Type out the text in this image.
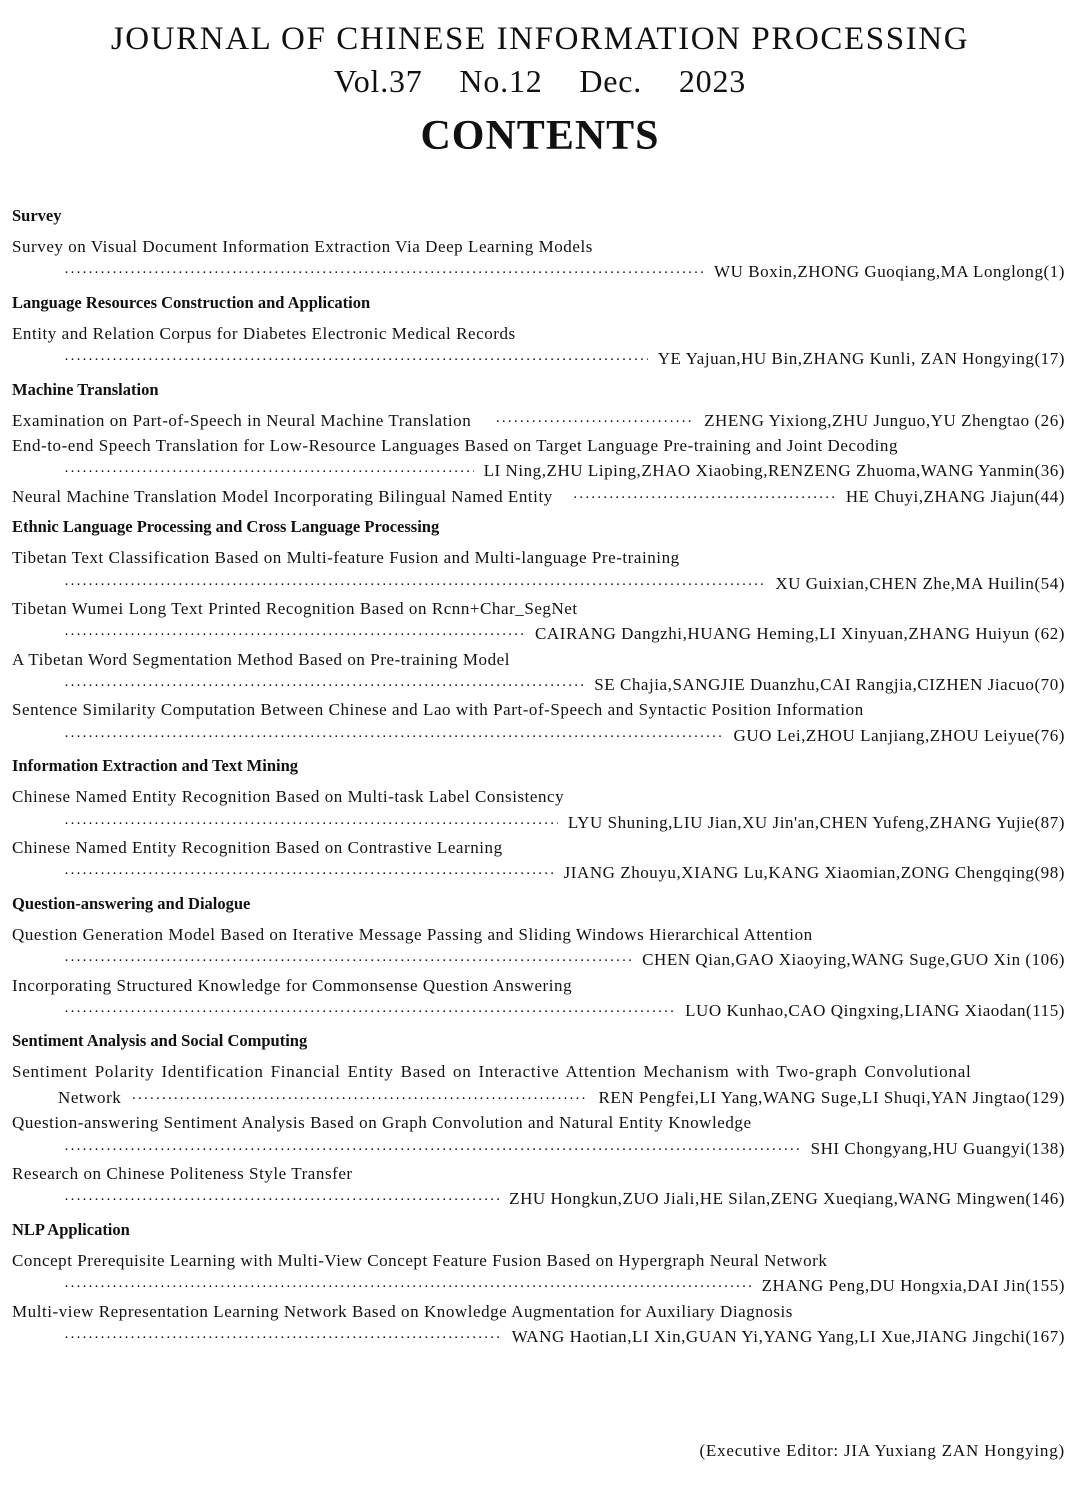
JOURNAL OF CHINESE INFORMATION PROCESSING
Vol.37 No.12 Dec. 2023
CONTENTS
Survey
Survey on Visual Document Information Extraction Via Deep Learning Models
·····
WU Boxin,ZHONG Guoqiang,MA Longlong(1)
Language Resources Construction and Application
Entity and Relation Corpus for Diabetes Electronic Medical Records
·····
YE Yajuan,HU Bin,ZHANG Kunli, ZAN Hongying(17)
Machine Translation
Examination on Part-of-Speech in Neural Machine Translation ·····	ZHENG Yixiong,ZHU Junguo,YU Zhengtao (26)
End-to-end Speech Translation for Low-Resource Languages Based on Target Language Pre-training and Joint Decoding
·····
LI Ning,ZHU Liping,ZHAO Xiaobing,RENZENG Zhuoma,WANG Yanmin(36)
Neural Machine Translation Model Incorporating Bilingual Named Entity ·····	HE Chuyi,ZHANG Jiajun(44)
Ethnic Language Processing and Cross Language Processing
Tibetan Text Classification Based on Multi-feature Fusion and Multi-language Pre-training
·····
XU Guixian,CHEN Zhe,MA Huilin(54)
Tibetan Wumei Long Text Printed Recognition Based on Rcnn+Char_SegNet
·····
CAIRANG Dangzhi,HUANG Heming,LI Xinyuan,ZHANG Huiyun (62)
A Tibetan Word Segmentation Method Based on Pre-training Model
·····
SE Chajia,SANGJIE Duanzhu,CAI Rangjia,CIZHEN Jiacuo(70)
Sentence Similarity Computation Between Chinese and Lao with Part-of-Speech and Syntactic Position Information
·····
GUO Lei,ZHOU Lanjiang,ZHOU Leiyue(76)
Information Extraction and Text Mining
Chinese Named Entity Recognition Based on Multi-task Label Consistency
·····
LYU Shuning,LIU Jian,XU Jin'an,CHEN Yufeng,ZHANG Yujie(87)
Chinese Named Entity Recognition Based on Contrastive Learning
·····
JIANG Zhouyu,XIANG Lu,KANG Xiaomian,ZONG Chengqing(98)
Question-answering and Dialogue
Question Generation Model Based on Iterative Message Passing and Sliding Windows Hierarchical Attention
·····
CHEN Qian,GAO Xiaoying,WANG Suge,GUO Xin (106)
Incorporating Structured Knowledge for Commonsense Question Answering
·····
LUO Kunhao,CAO Qingxing,LIANG Xiaodan(115)
Sentiment Analysis and Social Computing
Sentiment Polarity Identification Financial Entity Based on Interactive Attention Mechanism with Two-graph Convolutional
Network ·····	REN Pengfei,LI Yang,WANG Suge,LI Shuqi,YAN Jingtao(129)
Question-answering Sentiment Analysis Based on Graph Convolution and Natural Entity Knowledge
·····
SHI Chongyang,HU Guangyi(138)
Research on Chinese Politeness Style Transfer
·····
ZHU Hongkun,ZUO Jiali,HE Silan,ZENG Xueqiang,WANG Mingwen(146)
NLP Application
Concept Prerequisite Learning with Multi-View Concept Feature Fusion Based on Hypergraph Neural Network
·····
ZHANG Peng,DU Hongxia,DAI Jin(155)
Multi-view Representation Learning Network Based on Knowledge Augmentation for Auxiliary Diagnosis
·····
WANG Haotian,LI Xin,GUAN Yi,YANG Yang,LI Xue,JIANG Jingchi(167)
(Executive Editor: JIA Yuxiang ZAN Hongying)
